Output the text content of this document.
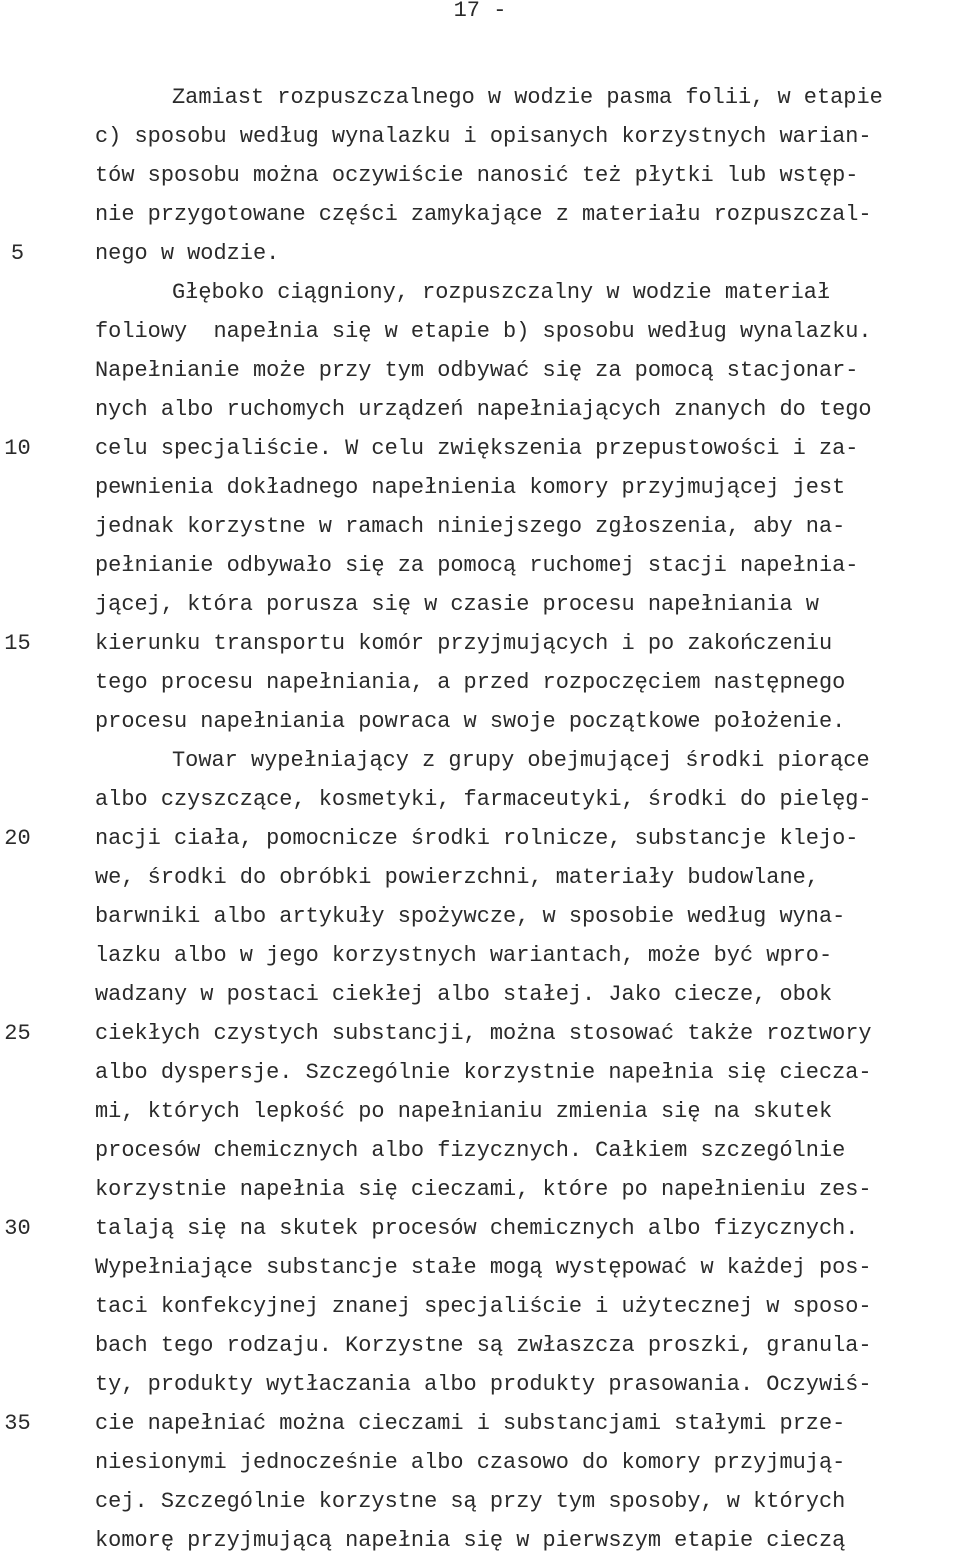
17 -
5
10
15
20
25
30
35
Zamiast rozpuszczalnego w wodzie pasma folii, w etapie
c) sposobu według wynalazku i opisanych korzystnych warian-
tów sposobu można oczywiście nanosić też płytki lub wstęp-
nie przygotowane części zamykające z materiału rozpuszczal-
nego w wodzie.
Głęboko ciągniony, rozpuszczalny w wodzie materiał
foliowy  napełnia się w etapie b) sposobu według wynalazku.
Napełnianie może przy tym odbywać się za pomocą stacjonar-
nych albo ruchomych urządzeń napełniających znanych do tego
celu specjaliście. W celu zwiększenia przepustowości i za-
pewnienia dokładnego napełnienia komory przyjmującej jest
jednak korzystne w ramach niniejszego zgłoszenia, aby na-
pełnianie odbywało się za pomocą ruchomej stacji napełnia-
jącej, która porusza się w czasie procesu napełniania w
kierunku transportu komór przyjmujących i po zakończeniu
tego procesu napełniania, a przed rozpoczęciem następnego
procesu napełniania powraca w swoje początkowe położenie.
Towar wypełniający z grupy obejmującej środki piorące
albo czyszczące, kosmetyki, farmaceutyki, środki do pielęg-
nacji ciała, pomocnicze środki rolnicze, substancje klejo-
we, środki do obróbki powierzchni, materiały budowlane,
barwniki albo artykuły spożywcze, w sposobie według wyna-
lazku albo w jego korzystnych wariantach, może być wpro-
wadzany w postaci ciekłej albo stałej. Jako ciecze, obok
ciekłych czystych substancji, można stosować także roztwory
albo dyspersje. Szczególnie korzystnie napełnia się cieczа-
mi, których lepkość po napełnianiu zmienia się na skutek
procesów chemicznych albo fizycznych. Całkiem szczególnie
korzystnie napełnia się cieczami, które po napełnieniu zes-
talają się na skutek procesów chemicznych albo fizycznych.
Wypełniające substancje stałe mogą występować w każdej pos-
taci konfekcyjnej znanej specjaliście i użytecznej w sposo-
bach tego rodzaju. Korzystne są zwłaszcza proszki, granula-
ty, produkty wytłaczania albo produkty prasowania. Oczywiś-
cie napełniać można cieczami i substancjami stałymi prze-
niesionymi jednocześnie albo czasowo do komory przyjmują-
cej. Szczególnie korzystne są przy tym sposoby, w których
komorę przyjmującą napełnia się w pierwszym etapie cieczą
